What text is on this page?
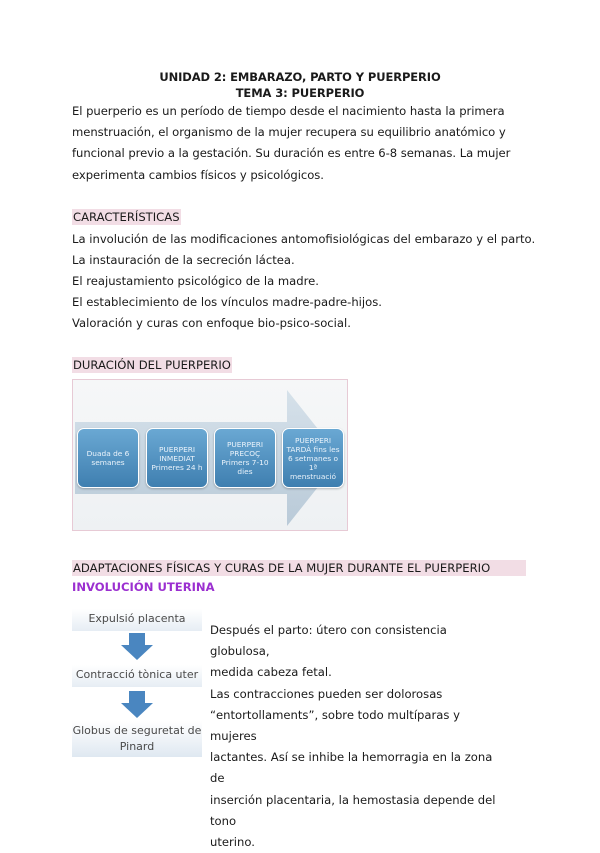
UNIDAD 2: EMBARAZO, PARTO Y PUERPERIO
TEMA 3: PUERPERIO
El puerperio es un período de tiempo desde el nacimiento hasta la primera
menstruación, el organismo de la mujer recupera su equilibrio anatómico y
funcional previo a la gestación. Su duración es entre 6-8 semanas. La mujer
experimenta cambios físicos y psicológicos.
CARACTERÍSTICAS
La involución de las modificaciones antomofisiológicas del embarazo y el parto.
La instauración de la secreción láctea.
El reajustamiento psicológico de la madre.
El establecimiento de los vínculos madre-padre-hijos.
Valoración y curas con enfoque bio-psico-social.
DURACIÓN DEL PUERPERIO
Duada de 6 semanes
PUERPERI INMEDIAT Primeres 24 h
PUERPERI PRECOÇ Primers 7-10 dies
PUERPERI TARDÀ fins les 6 setmanes o 1ª menstruació
ADAPTACIONES FÍSICAS Y CURAS DE LA MUJER DURANTE EL PUERPERIO
INVOLUCIÓN UTERINA
Expulsió placenta
Contracció tònica uter
Globus de seguretat de Pinard
Después el parto: útero con consistencia globulosa,
medida cabeza fetal.
Las contracciones pueden ser dolorosas
“entortollaments”, sobre todo multíparas y mujeres
lactantes. Así se inhibe la hemorragia en la zona de
inserción placentaria, la hemostasia depende del tono
uterino.
